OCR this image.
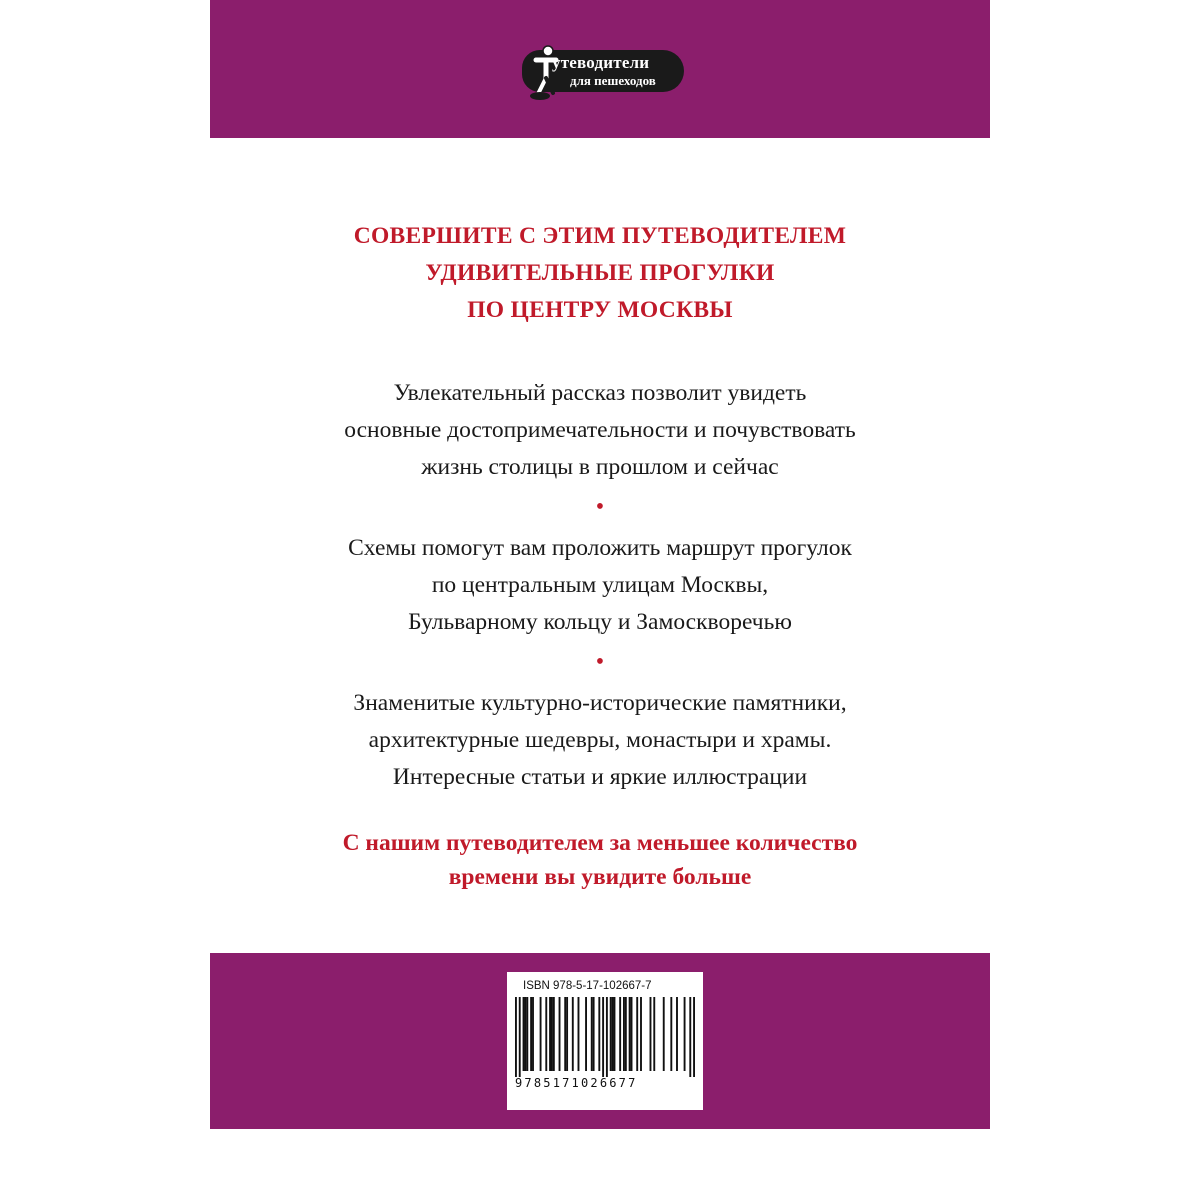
утеводители
для пешеходов
СОВЕРШИТЕ С ЭТИМ ПУТЕВОДИТЕЛЕМ
УДИВИТЕЛЬНЫЕ ПРОГУЛКИ
ПО ЦЕНТРУ МОСКВЫ
Увлекательный рассказ позволит увидеть
основные достопримечательности и почувствовать
жизнь столицы в прошлом и сейчас
•
Схемы помогут вам проложить маршрут прогулок
по центральным улицам Москвы,
Бульварному кольцу и Замоскворечью
•
Знаменитые культурно-исторические памятники,
архитектурные шедевры, монастыри и храмы.
Интересные статьи и яркие иллюстрации
С нашим путеводителем за меньшее количество
времени вы увидите больше
ISBN 978-5-17-102667-7
9785171026677
